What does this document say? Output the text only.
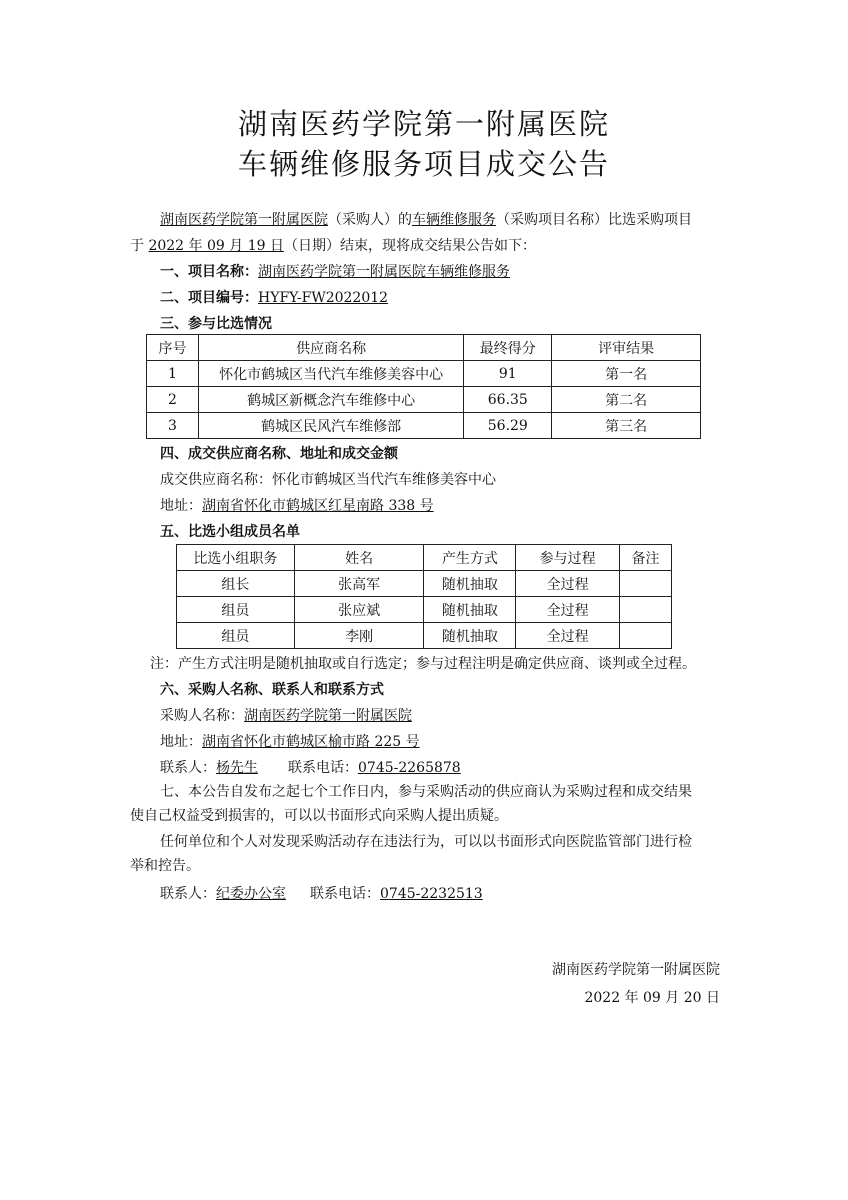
湖南医药学院第一附属医院
车辆维修服务项目成交公告
湖南医药学院第一附属医院（采购人）的车辆维修服务（采购项目名称）比选采购项目
于 2022 年 09 月 19 日（日期）结束，现将成交结果公告如下：
一、项目名称：湖南医药学院第一附属医院车辆维修服务
二、项目编号：HYFY-FW2022012
三、参与比选情况
序号	供应商名称	最终得分	评审结果
1	怀化市鹤城区当代汽车维修美容中心	91	第一名
2	鹤城区新概念汽车维修中心	66.35	第二名
3	鹤城区民风汽车维修部	56.29	第三名
四、成交供应商名称、地址和成交金额
成交供应商名称：怀化市鹤城区当代汽车维修美容中心
地址：湖南省怀化市鹤城区红星南路 338 号
五、比选小组成员名单
比选小组职务	姓名	产生方式	参与过程	备注
组长	张高军	随机抽取	全过程	
组员	张应斌	随机抽取	全过程	
组员	李刚	随机抽取	全过程	
注：产生方式注明是随机抽取或自行选定；参与过程注明是确定供应商、谈判或全过程。
六、采购人名称、联系人和联系方式
采购人名称：湖南医药学院第一附属医院
地址：湖南省怀化市鹤城区榆市路 225 号
联系人：杨先生 联系电话：0745-2265878
七、本公告自发布之起七个工作日内，参与采购活动的供应商认为采购过程和成交结果
使自己权益受到损害的，可以以书面形式向采购人提出质疑。
任何单位和个人对发现采购活动存在违法行为，可以以书面形式向医院监管部门进行检
举和控告。
联系人：纪委办公室 联系电话：0745-2232513
湖南医药学院第一附属医院
2022 年 09 月 20 日
